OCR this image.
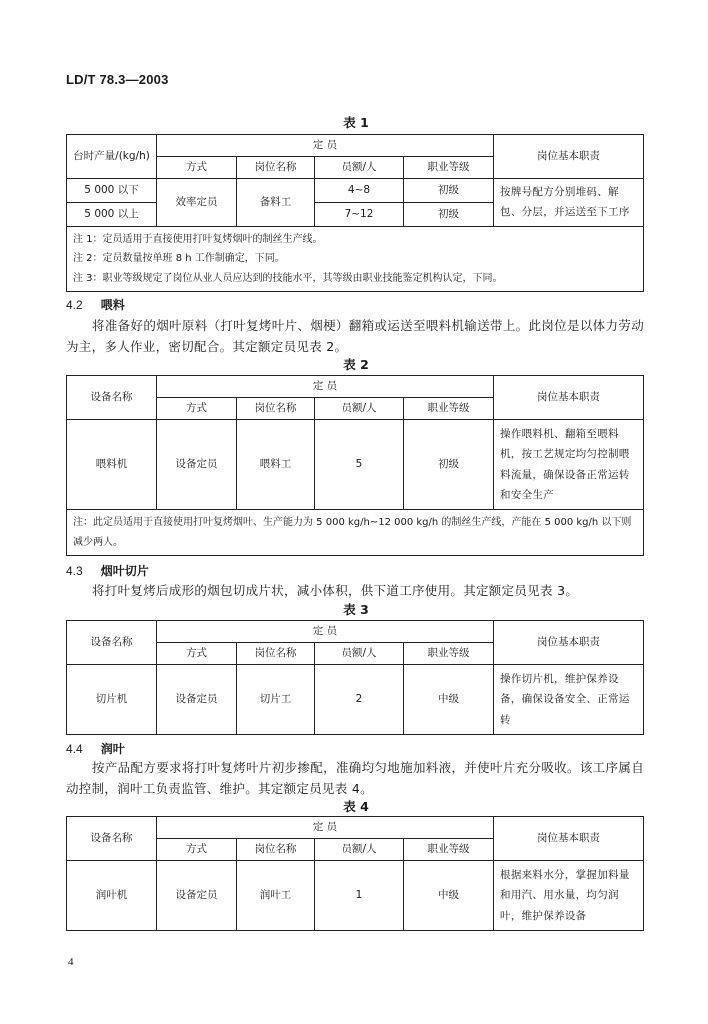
LD/T 78.3—2003
表 1
台时产量/(kg/h)	定 员				岗位基本职责
	方式	岗位名称	员额/人	职业等级	
5 000 以下	效率定员	备料工	4~8	初级	按牌号配方分别堆码、解包、分层，并运送至下工序
5 000 以上			7~12	初级	

注 1：定员适用于直接使用打叶复烤烟叶的制丝生产线。
注 2：定员数量按单班 8 h 工作制确定，下同。
注 3：职业等级规定了岗位从业人员应达到的技能水平，其等级由职业技能鉴定机构认定，下同。					
4.2 喂料
将准备好的烟叶原料（打叶复烤叶片、烟梗）翻箱或运送至喂料机输送带上。此岗位是以体力劳动为主，多人作业，密切配合。其定额定员见表 2。
表 2
设备名称	定 员				岗位基本职责
	方式	岗位名称	员额/人	职业等级	
喂料机	设备定员	喂料工	5	初级	操作喂料机、翻箱至喂料机，按工艺规定均匀控制喂料流量，确保设备正常运转和安全生产
注：此定员适用于直接使用打叶复烤烟叶、生产能力为 5 000 kg/h~12 000 kg/h 的制丝生产线，产能在 5 000 kg/h 以下则减少两人。					
4.3 烟叶切片
将打叶复烤后成形的烟包切成片状，减小体积，供下道工序使用。其定额定员见表 3。
表 3
设备名称	定 员				岗位基本职责
	方式	岗位名称	员额/人	职业等级	
切片机	设备定员	切片工	2	中级	操作切片机，维护保养设备，确保设备安全、正常运转
4.4 润叶
按产品配方要求将打叶复烤叶片初步掺配，准确均匀地施加料液，并使叶片充分吸收。该工序属自动控制，润叶工负责监管、维护。其定额定员见表 4。
表 4
设备名称	定 员				岗位基本职责
	方式	岗位名称	员额/人	职业等级	
润叶机	设备定员	润叶工	1	中级	根据来料水分，掌握加料量和用汽、用水量，均匀润叶，维护保养设备
4
